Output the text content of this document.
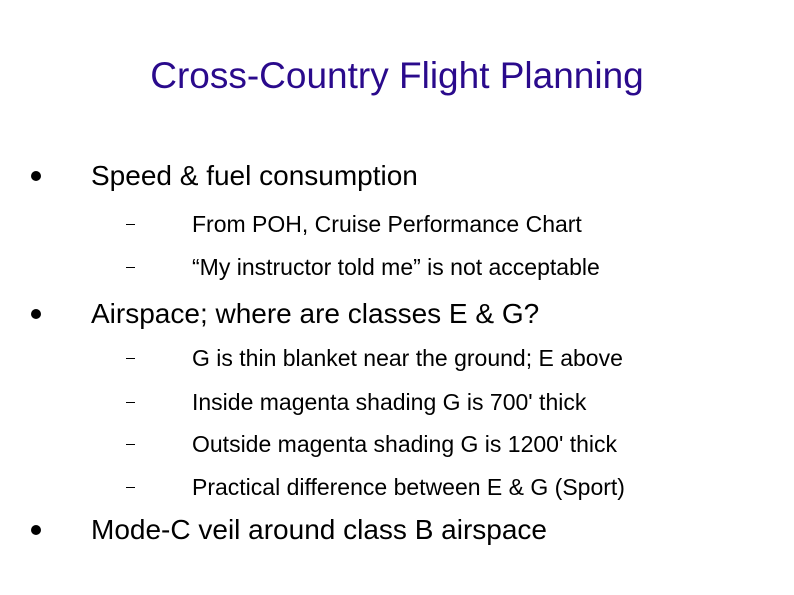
Cross-Country Flight Planning
Speed & fuel consumption
From POH, Cruise Performance Chart
“My instructor told me” is not acceptable
Airspace; where are classes E & G?
G is thin blanket near the ground; E above
Inside magenta shading G is 700' thick
Outside magenta shading G is 1200' thick
Practical difference between E & G (Sport)
Mode-C veil around class B airspace
